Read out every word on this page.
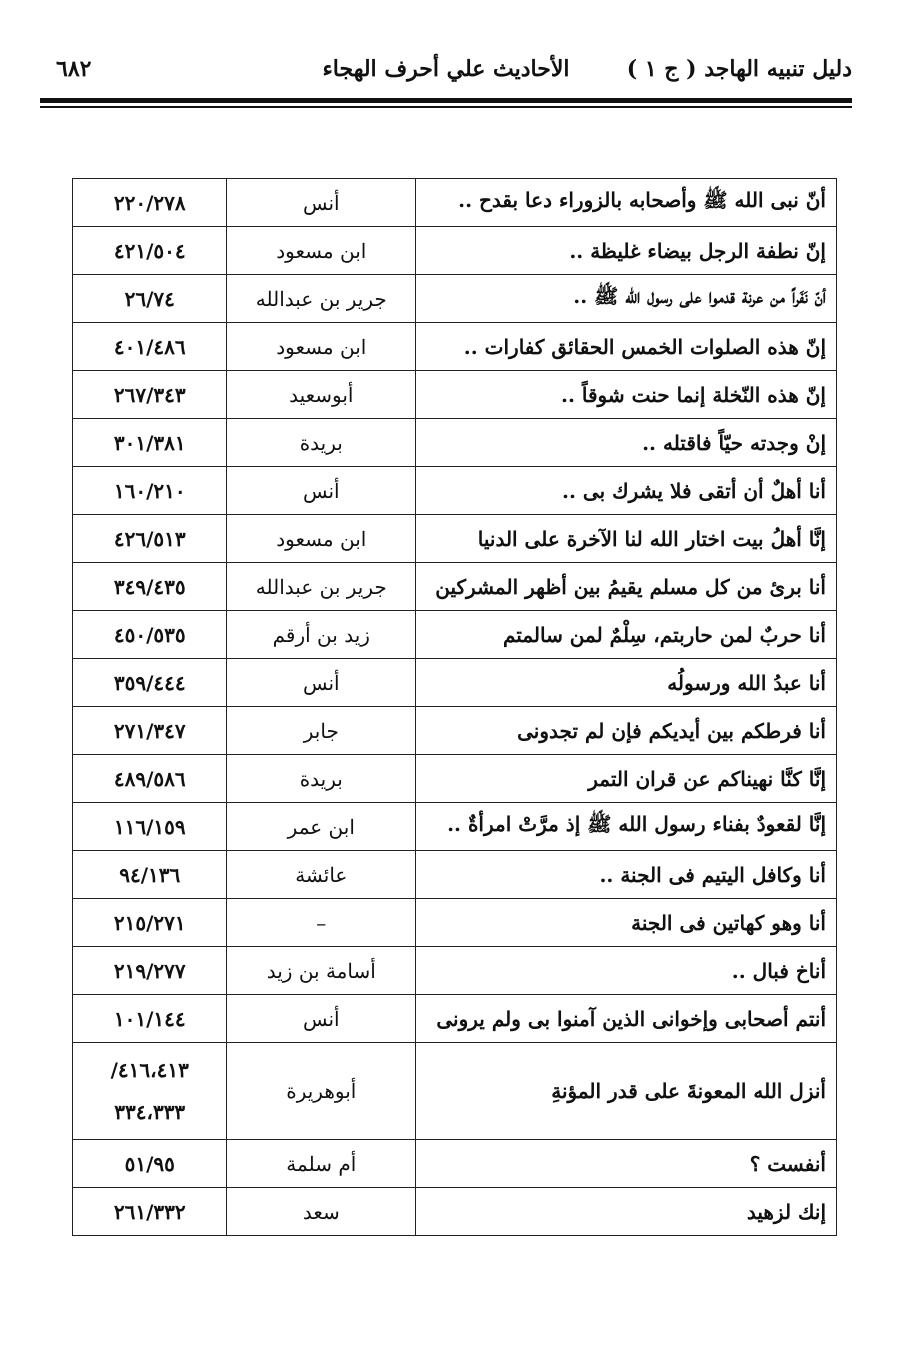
دليل تنبيه الهاجد ( ج ١ )
الأحاديث علي أحرف الهجاء
٦٨٢
أنّ نبى الله ﷺ وأصحابه بالزوراء دعا بقدح ..	أنس	٢٢٠/٢٧٨
إنّ نطفة الرجل بيضاء غليظة ..	ابن مسعود	٤٢١/٥٠٤
أنّ نَفَراً من عرنة قدموا على رسول الله ﷺ ..	جرير بن عبدالله	٢٦/٧٤
إنّ هذه الصلوات الخمس الحقائق كفارات ..	ابن مسعود	٤٠١/٤٨٦
إنّ هذه النّخلة إنما حنت شوقاً ..	أبوسعيد	٢٦٧/٣٤٣
إنْ وجدته حيّاً فاقتله ..	بريدة	٣٠١/٣٨١
أنا أهلٌ أن أتقى فلا يشرك بى ..	أنس	١٦٠/٢١٠
إنَّا أهلُ بيت اختار الله لنا الآخرة على الدنيا	ابن مسعود	٤٢٦/٥١٣
أنا برئ من كل مسلم يقيمُ بين أظهر المشركين	جرير بن عبدالله	٣٤٩/٤٣٥
أنا حربٌ لمن حاربتم، سِلْمٌ لمن سالمتم	زيد بن أرقم	٤٥٠/٥٣٥
أنا عبدُ الله ورسولُه	أنس	٣٥٩/٤٤٤
أنا فرطكم بين أيديكم فإن لم تجدونى	جابر	٢٧١/٣٤٧
إنَّا كنَّا نهيناكم عن قران التمر	بريدة	٤٨٩/٥٨٦
إنَّا لقعودٌ بفناء رسول الله ﷺ إذ مرَّتْ امرأةٌ ..	ابن عمر	١١٦/١٥٩
أنا وكافل اليتيم فى الجنة ..	عائشة	٩٤/١٣٦
أنا وهو كهاتين فى الجنة	–	٢١٥/٢٧١
أناخ فبال ..	أسامة بن زيد	٢١٩/٢٧٧
أنتم أصحابى وإخوانى الذين آمنوا بى ولم يرونى	أنس	١٠١/١٤٤
أنزل الله المعونةَ على قدر المؤنةِ	أبوهريرة	٤١٦،٤١٣/
٣٣٤،٣٣٣

أنفست ؟	أم سلمة	٥١/٩٥
إنك لزهيد	سعد	٢٦١/٣٣٢
